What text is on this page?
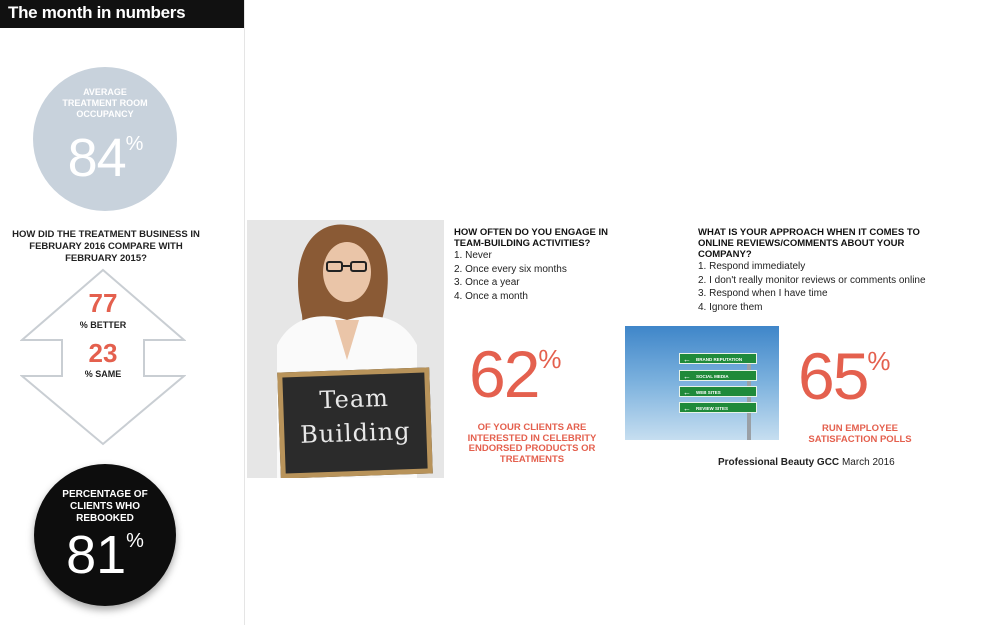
The month in numbers
AVERAGE TREATMENT ROOM OCCUPANCY
84%
HOW DID THE TREATMENT BUSINESS IN FEBRUARY 2016 COMPARE WITH FEBRUARY 2015?
77
% BETTER
23
% SAME
PERCENTAGE OF CLIENTS WHO REBOOKED
81%
Team
Building
HOW OFTEN DO YOU ENGAGE IN TEAM-BUILDING ACTIVITIES?
1. Never
2. Once every six months
3. Once a year
4. Once a month
62%
OF YOUR CLIENTS ARE INTERESTED IN CELEBRITY ENDORSED PRODUCTS OR TREATMENTS
WHAT IS YOUR APPROACH WHEN IT COMES TO ONLINE REVIEWS/COMMENTS ABOUT YOUR COMPANY?
1. Respond immediately
2. I don't really monitor reviews or comments online
3. Respond when I have time
4. Ignore them
← BRAND REPUTATION
← SOCIAL MEDIA
← WEB SITES
← REVIEW SITES	65%
RUN EMPLOYEE SATISFACTION POLLS
Professional Beauty GCC March 2016
